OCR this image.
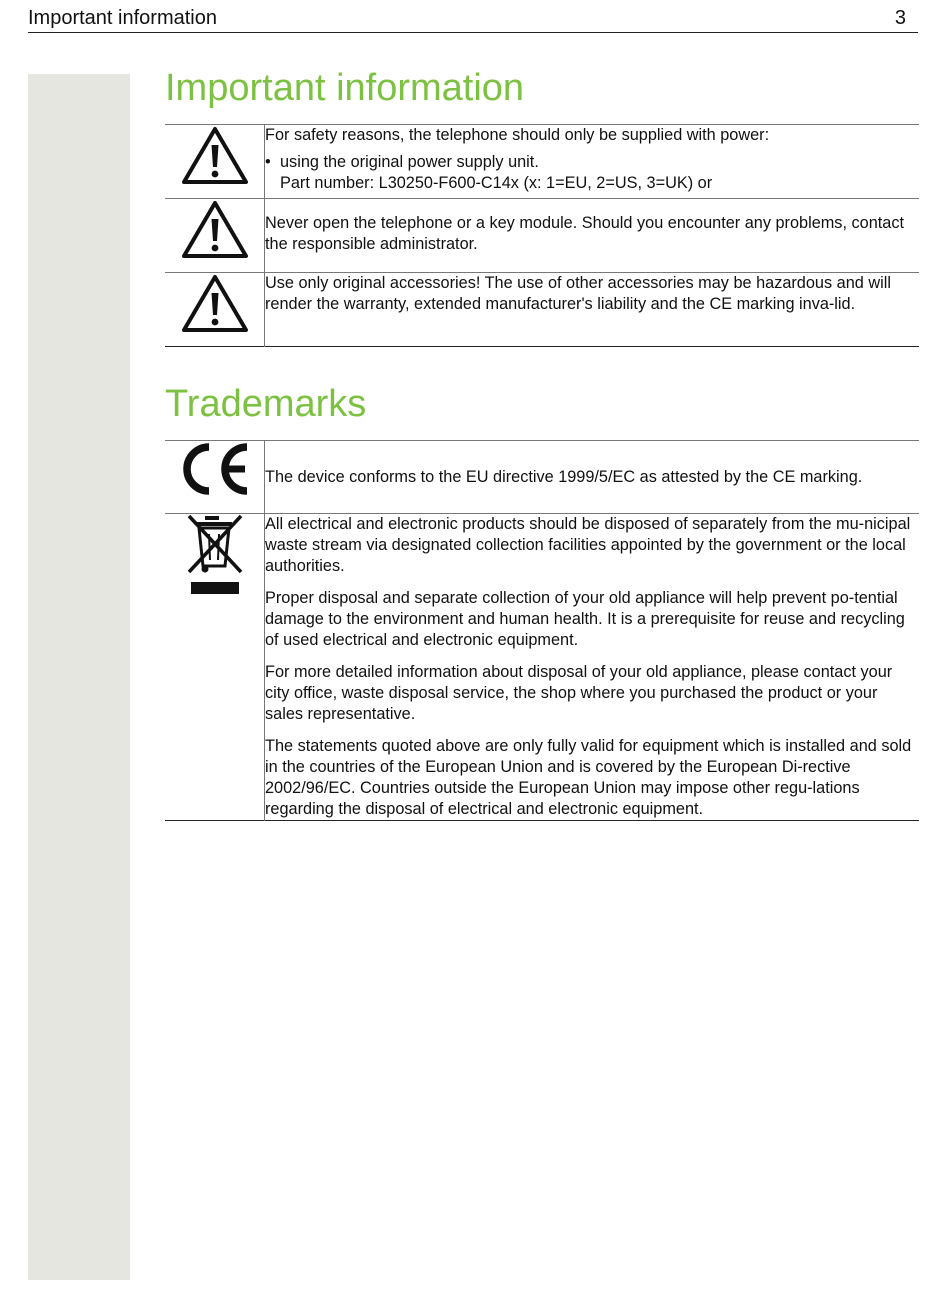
Important information	3
Important information

For safety reasons, the telephone should only be supplied with power:

• using the original power supply unit.
Part number: L30250-F600-C14x (x: 1=EU, 2=US, 3=UK) or

Never open the telephone or a key module. Should you encounter any problems, contact the responsible administrator.

Use only original accessories! The use of other accessories may be hazardous and will render the warranty, extended manufacturer's liability and the CE marking inva-lid.

Trademarks

The device conforms to the EU directive 1999/5/EC as attested by the CE marking.

All electrical and electronic products should be disposed of separately from the mu-nicipal waste stream via designated collection facilities appointed by the government or the local authorities.

Proper disposal and separate collection of your old appliance will help prevent po-tential damage to the environment and human health. It is a prerequisite for reuse and recycling of used electrical and electronic equipment.

For more detailed information about disposal of your old appliance, please contact your city office, waste disposal service, the shop where you purchased the product or your sales representative.

The statements quoted above are only fully valid for equipment which is installed and sold in the countries of the European Union and is covered by the European Di-rective 2002/96/EC. Countries outside the European Union may impose other regu-lations regarding the disposal of electrical and electronic equipment.
